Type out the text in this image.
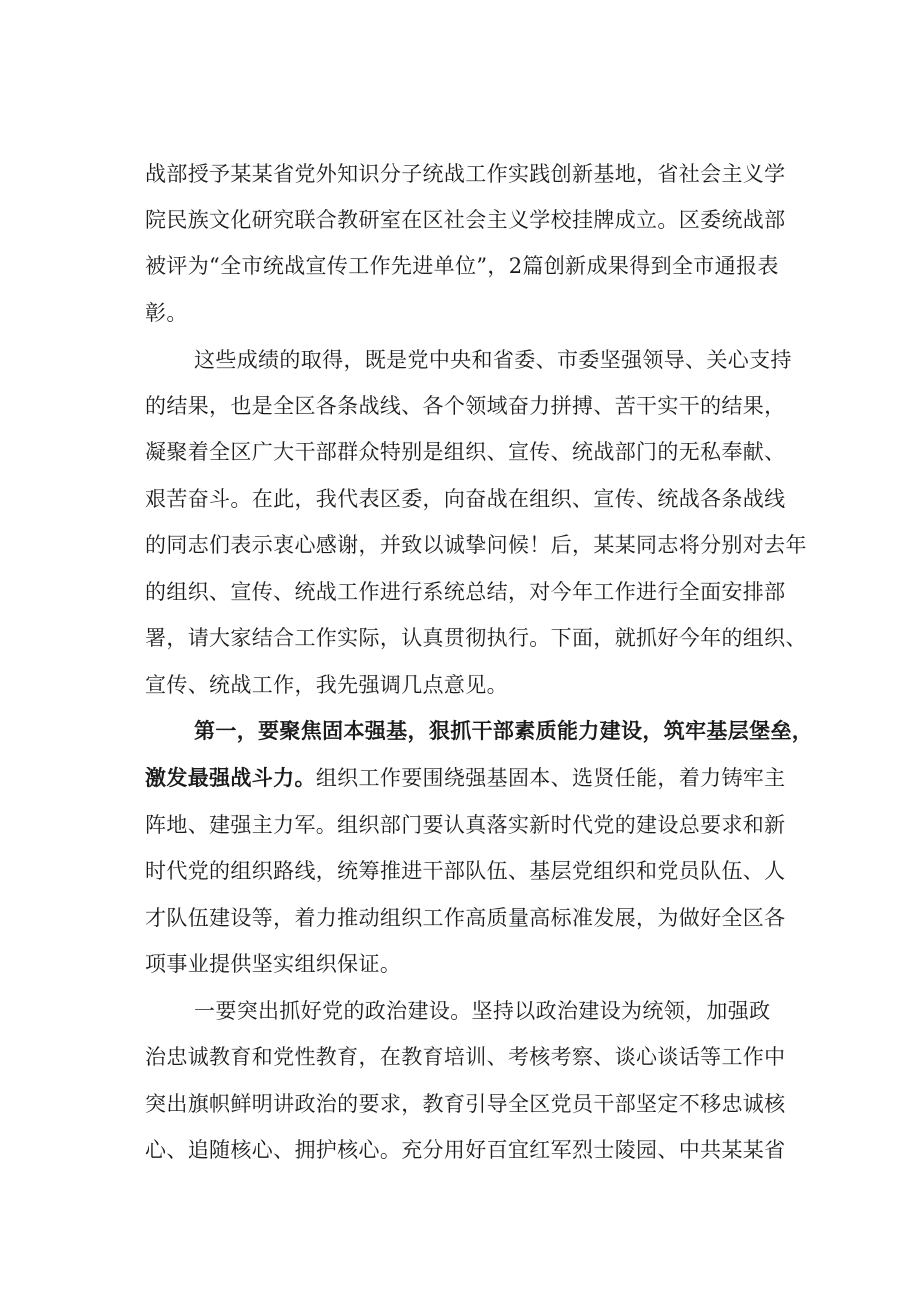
战部授予某某省党外知识分子统战工作实践创新基地，省社会主义学
院民族文化研究联合教研室在区社会主义学校挂牌成立。区委统战部
被评为“全市统战宣传工作先进单位”，2篇创新成果得到全市通报表
彰。
这些成绩的取得，既是党中央和省委、市委坚强领导、关心支持
的结果，也是全区各条战线、各个领域奋力拼搏、苦干实干的结果，
凝聚着全区广大干部群众特别是组织、宣传、统战部门的无私奉献、
艰苦奋斗。在此，我代表区委，向奋战在组织、宣传、统战各条战线
的同志们表示衷心感谢，并致以诚挚问候！后，某某同志将分别对去年
的组织、宣传、统战工作进行系统总结，对今年工作进行全面安排部
署，请大家结合工作实际，认真贯彻执行。下面，就抓好今年的组织、
宣传、统战工作，我先强调几点意见。
第一，要聚焦固本强基，狠抓干部素质能力建设，筑牢基层堡垒，
激发最强战斗力。组织工作要围绕强基固本、选贤任能，着力铸牢主
阵地、建强主力军。组织部门要认真落实新时代党的建设总要求和新
时代党的组织路线，统筹推进干部队伍、基层党组织和党员队伍、人
才队伍建设等，着力推动组织工作高质量高标准发展，为做好全区各
项事业提供坚实组织保证。
一要突出抓好党的政治建设。坚持以政治建设为统领，加强政
治忠诚教育和党性教育，在教育培训、考核考察、谈心谈话等工作中
突出旗帜鲜明讲政治的要求，教育引导全区党员干部坚定不移忠诚核
心、追随核心、拥护核心。充分用好百宜红军烈士陵园、中共某某省
